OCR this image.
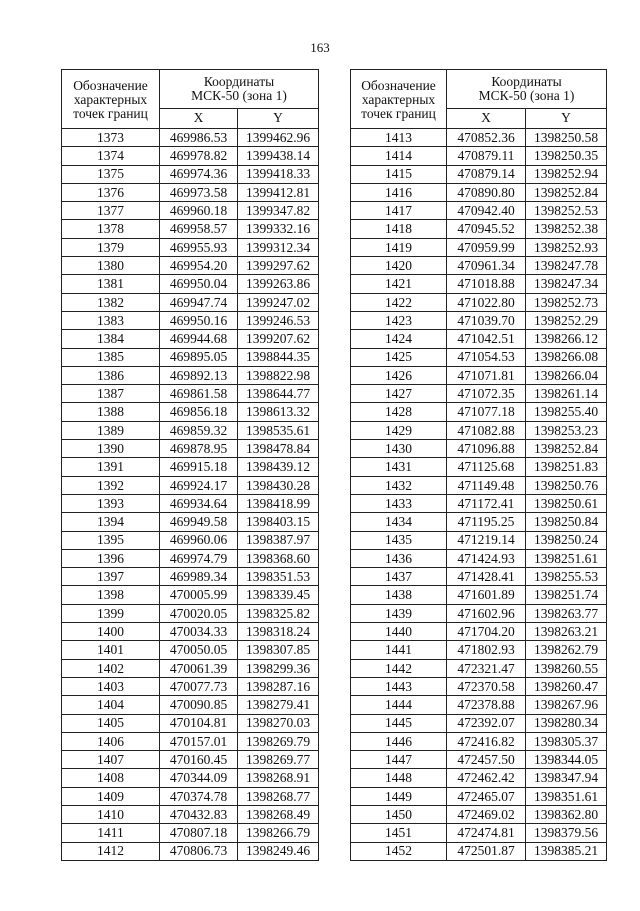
163
Обозначение
характерных
точек границ	Координаты
МСК-50 (зона 1)	
	X	Y
1373	469986.53	1399462.96
1374	469978.82	1399438.14
1375	469974.36	1399418.33
1376	469973.58	1399412.81
1377	469960.18	1399347.82
1378	469958.57	1399332.16
1379	469955.93	1399312.34
1380	469954.20	1399297.62
1381	469950.04	1399263.86
1382	469947.74	1399247.02
1383	469950.16	1399246.53
1384	469944.68	1399207.62
1385	469895.05	1398844.35
1386	469892.13	1398822.98
1387	469861.58	1398644.77
1388	469856.18	1398613.32
1389	469859.32	1398535.61
1390	469878.95	1398478.84
1391	469915.18	1398439.12
1392	469924.17	1398430.28
1393	469934.64	1398418.99
1394	469949.58	1398403.15
1395	469960.06	1398387.97
1396	469974.79	1398368.60
1397	469989.34	1398351.53
1398	470005.99	1398339.45
1399	470020.05	1398325.82
1400	470034.33	1398318.24
1401	470050.05	1398307.85
1402	470061.39	1398299.36
1403	470077.73	1398287.16
1404	470090.85	1398279.41
1405	470104.81	1398270.03
1406	470157.01	1398269.79
1407	470160.45	1398269.77
1408	470344.09	1398268.91
1409	470374.78	1398268.77
1410	470432.83	1398268.49
1411	470807.18	1398266.79
1412	470806.73	1398249.46
Обозначение
характерных
точек границ	Координаты
МСК-50 (зона 1)	
	X	Y
1413	470852.36	1398250.58
1414	470879.11	1398250.35
1415	470879.14	1398252.94
1416	470890.80	1398252.84
1417	470942.40	1398252.53
1418	470945.52	1398252.38
1419	470959.99	1398252.93
1420	470961.34	1398247.78
1421	471018.88	1398247.34
1422	471022.80	1398252.73
1423	471039.70	1398252.29
1424	471042.51	1398266.12
1425	471054.53	1398266.08
1426	471071.81	1398266.04
1427	471072.35	1398261.14
1428	471077.18	1398255.40
1429	471082.88	1398253.23
1430	471096.88	1398252.84
1431	471125.68	1398251.83
1432	471149.48	1398250.76
1433	471172.41	1398250.61
1434	471195.25	1398250.84
1435	471219.14	1398250.24
1436	471424.93	1398251.61
1437	471428.41	1398255.53
1438	471601.89	1398251.74
1439	471602.96	1398263.77
1440	471704.20	1398263.21
1441	471802.93	1398262.79
1442	472321.47	1398260.55
1443	472370.58	1398260.47
1444	472378.88	1398267.96
1445	472392.07	1398280.34
1446	472416.82	1398305.37
1447	472457.50	1398344.05
1448	472462.42	1398347.94
1449	472465.07	1398351.61
1450	472469.02	1398362.80
1451	472474.81	1398379.56
1452	472501.87	1398385.21
